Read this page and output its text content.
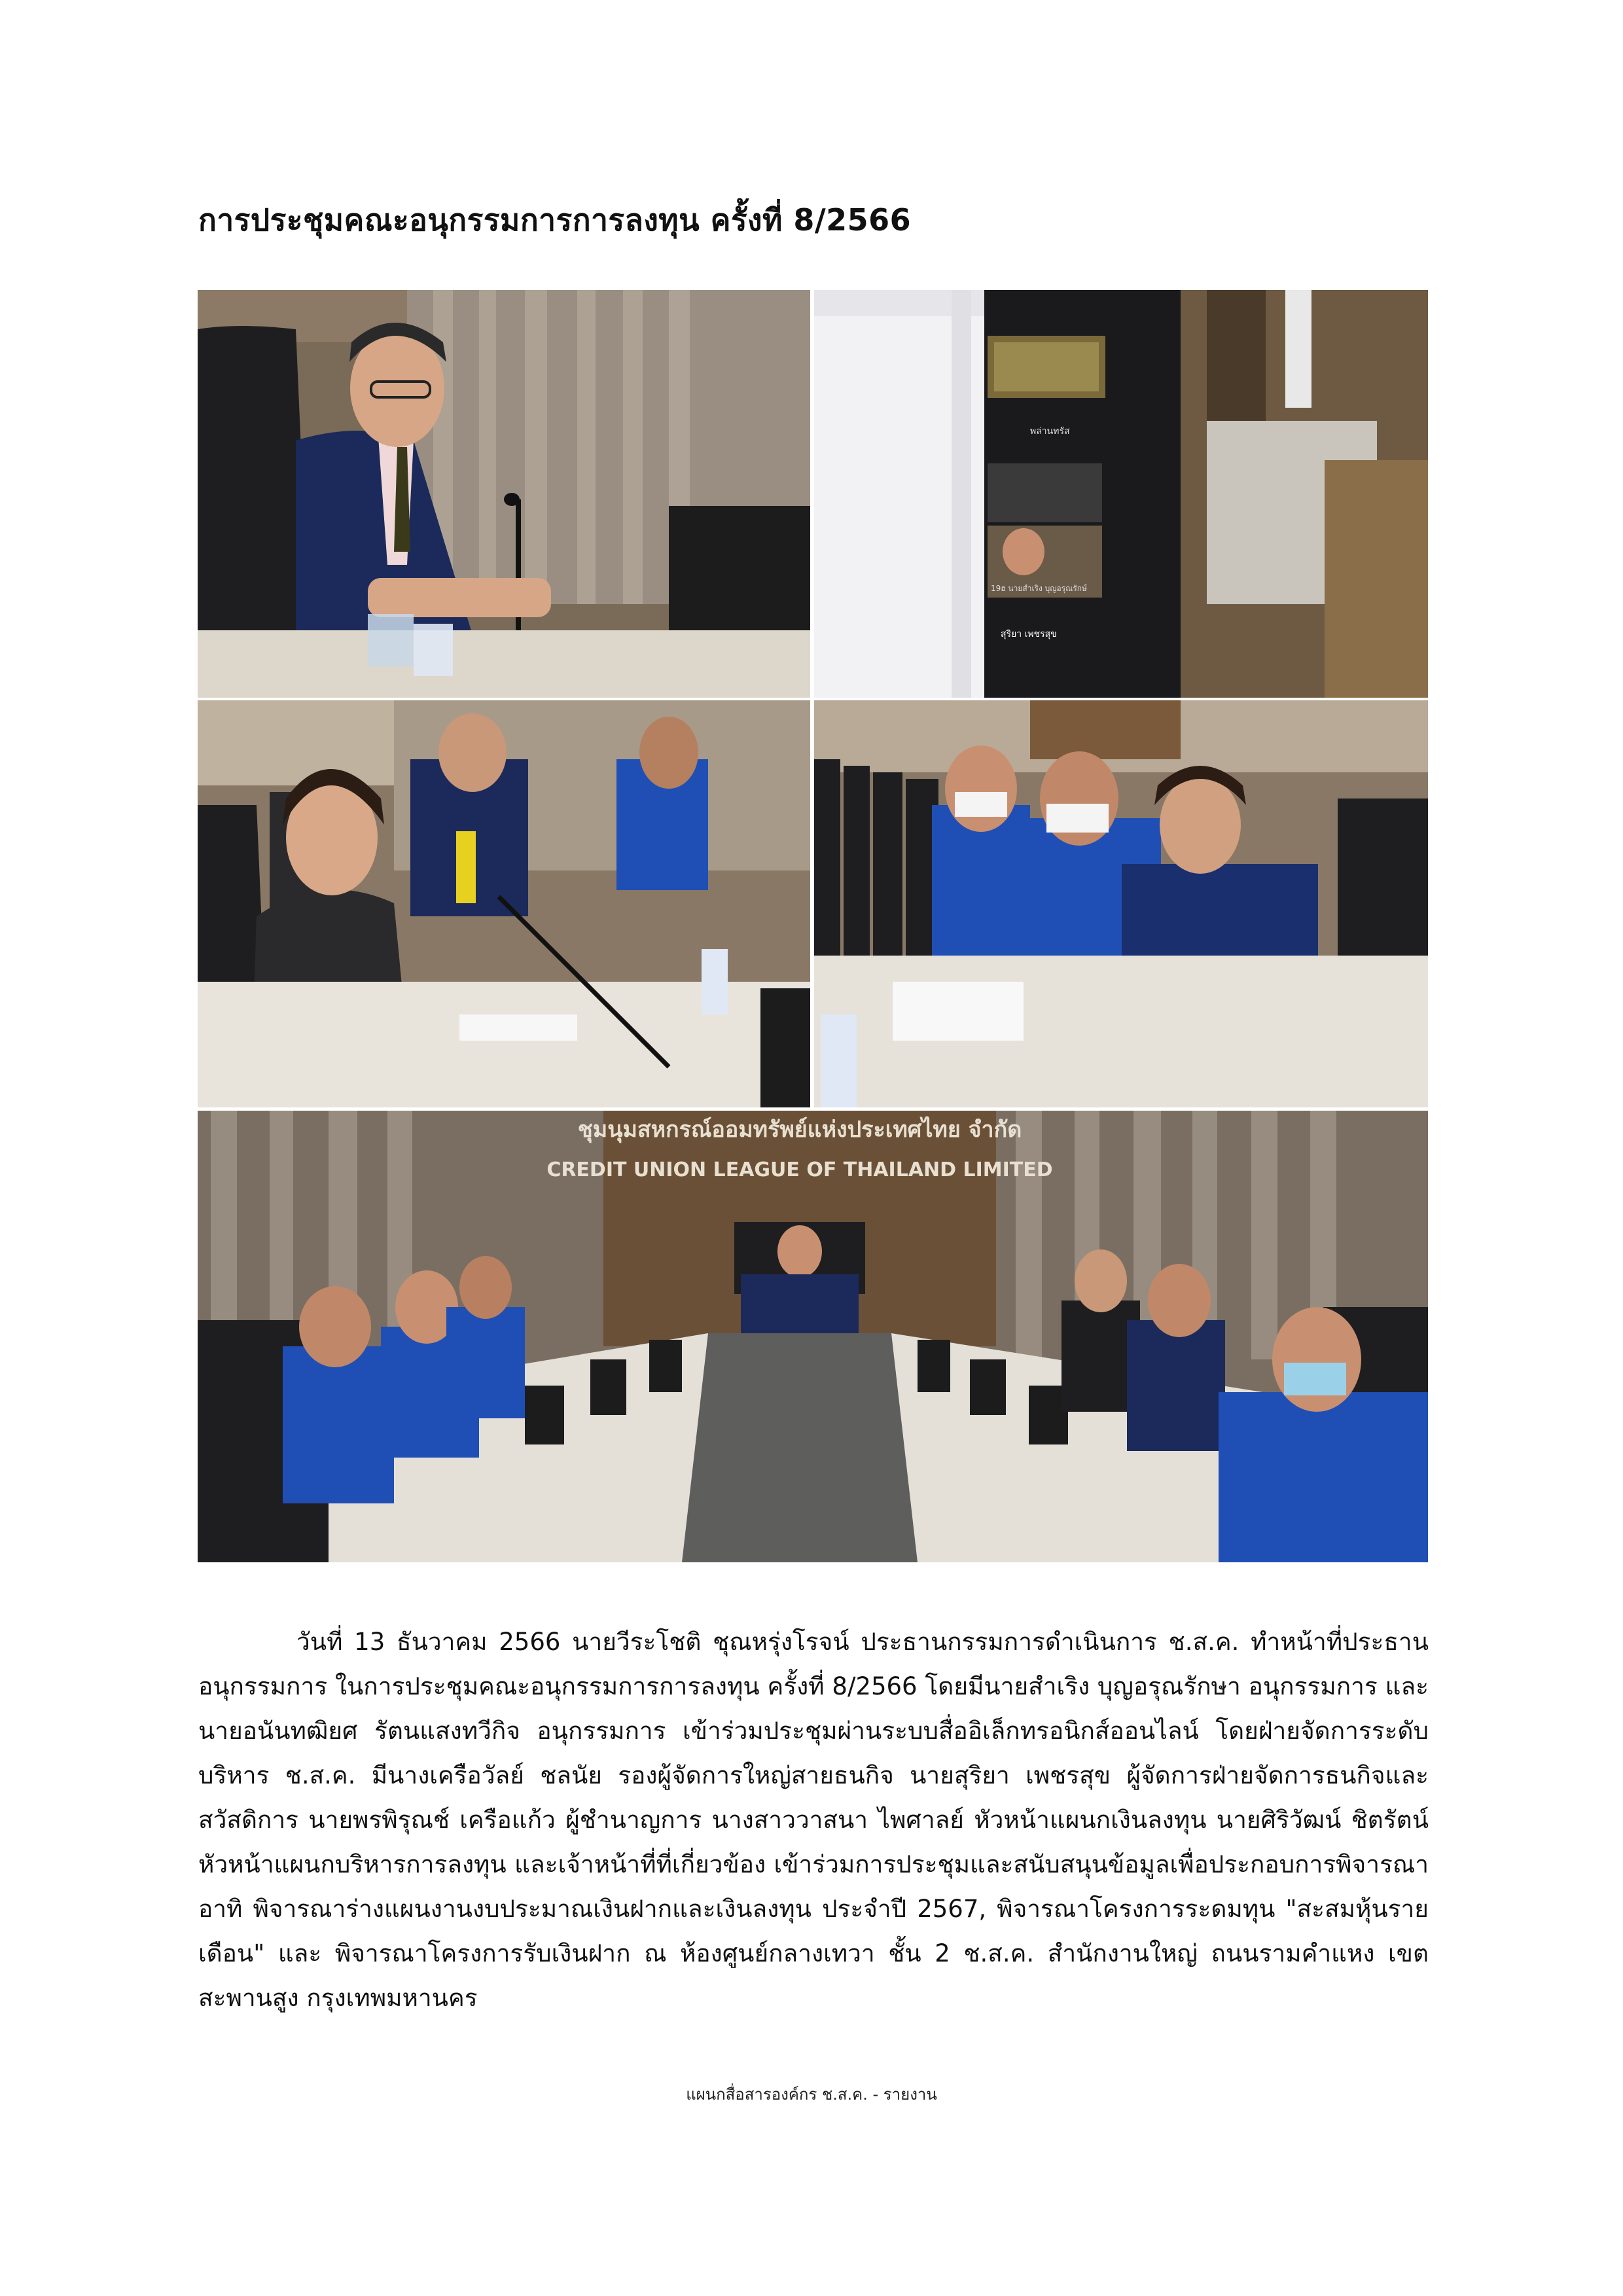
การประชุมคณะอนุกรรมการการลงทุน ครั้งที่ 8/2566
พล่านทรัส
19ฮ นายสำเริง บุญอรุณรักษ์
สุริยา เพชรสุข
ชุมนุมสหกรณ์ออมทรัพย์แห่งประเทศไทย จำกัด
CREDIT UNION LEAGUE OF THAILAND LIMITED

วันที่ 13 ธันวาคม 2566 นายวีระโชติ ชุณหรุ่งโรจน์ ประธานกรรมการดำเนินการ ช.ส.ค. ทำหน้าที่ประธานอนุกรรมการ ในการประชุมคณะอนุกรรมการการลงทุน ครั้งที่ 8/2566 โดยมีนายสำเริง บุญอรุณรักษา อนุกรรมการ และนายอนันทฒิยศ รัตนแสงทวีกิจ อนุกรรมการ เข้าร่วมประชุมผ่านระบบสื่ออิเล็กทรอนิกส์ออนไลน์ โดยฝ่ายจัดการระดับบริหาร ช.ส.ค. มีนางเครือวัลย์ ชลนัย รองผู้จัดการใหญ่สายธนกิจ นายสุริยา เพชรสุข ผู้จัดการฝ่ายจัดการธนกิจและสวัสดิการ นายพรพิรุณช์ เครือแก้ว ผู้ชำนาญการ นางสาววาสนา ไพศาลย์ หัวหน้าแผนกเงินลงทุน นายศิริวัฒน์ ชิตรัตน์ หัวหน้าแผนกบริหารการลงทุน และเจ้าหน้าที่ที่เกี่ยวข้อง เข้าร่วมการประชุมและสนับสนุนข้อมูลเพื่อประกอบการพิจารณา อาทิ พิจารณาร่างแผนงานงบประมาณเงินฝากและเงินลงทุน ประจำปี 2567, พิจารณาโครงการระดมทุน "สะสมหุ้นรายเดือน" และ พิจารณาโครงการรับเงินฝาก ณ ห้องศูนย์กลางเทวา ชั้น 2 ช.ส.ค. สำนักงานใหญ่ ถนนรามคำแหง เขตสะพานสูง กรุงเทพมหานคร

แผนกสื่อสารองค์กร ช.ส.ค. - รายงาน
